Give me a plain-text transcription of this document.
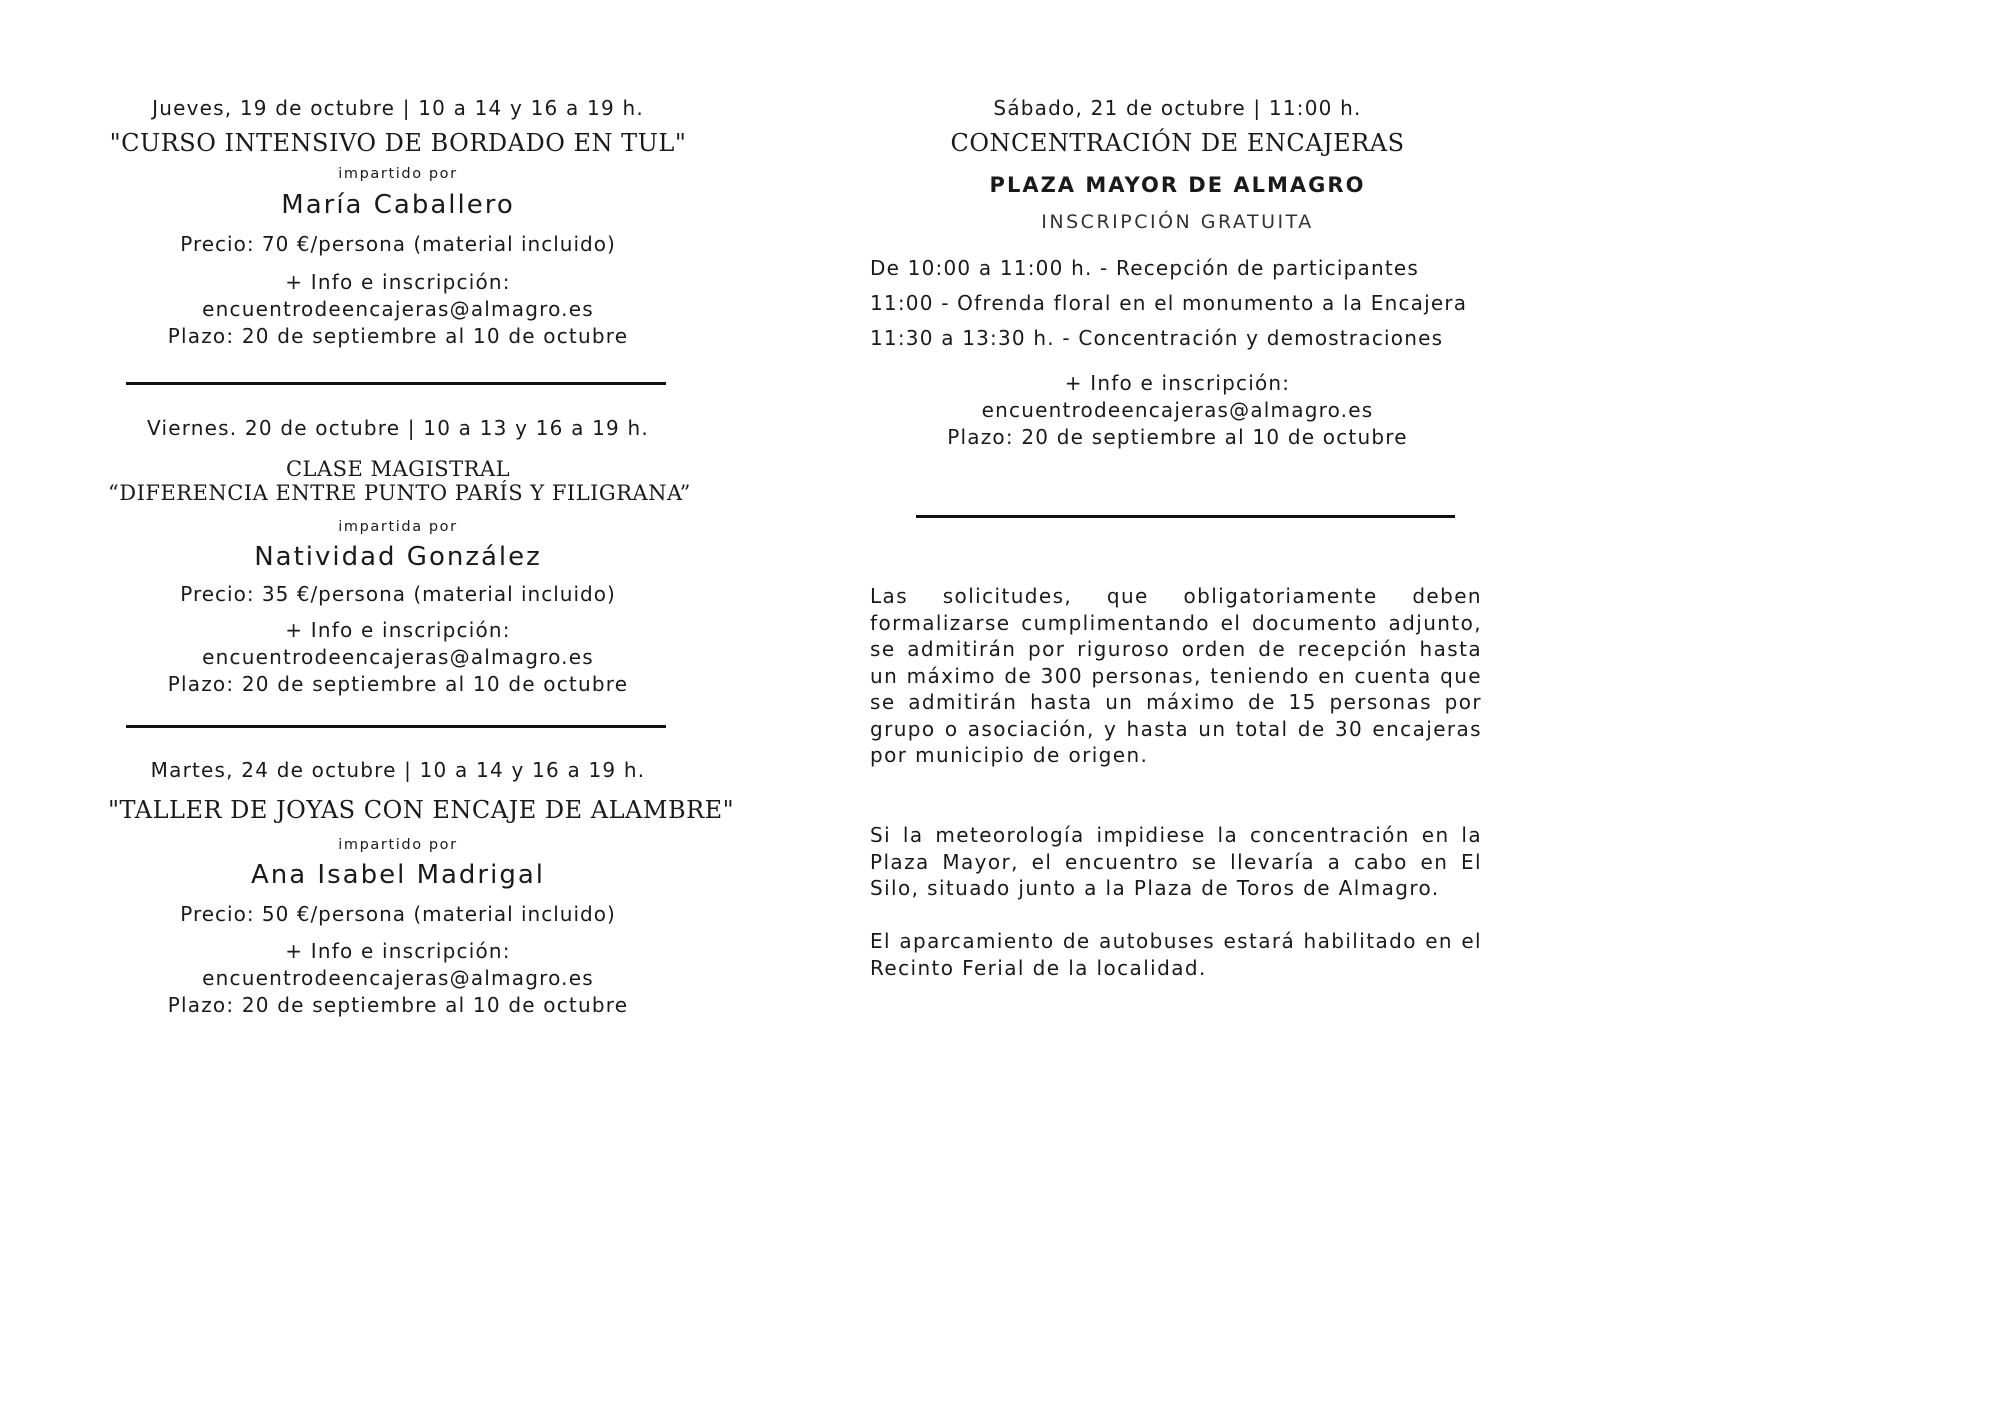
Jueves, 19 de octubre | 10 a 14 y 16 a 19 h.
"CURSO INTENSIVO DE BORDADO EN TUL"
impartido por
María Caballero
Precio: 70 €/persona (material incluido)
+ Info e inscripción:
encuentrodeencajeras@almagro.es
Plazo: 20 de septiembre al 10 de octubre
Viernes. 20 de octubre | 10 a 13 y 16 a 19 h.
CLASE MAGISTRAL
“DIFERENCIA ENTRE PUNTO PARÍS Y FILIGRANA”
impartida por
Natividad González
Precio: 35 €/persona (material incluido)
+ Info e inscripción:
encuentrodeencajeras@almagro.es
Plazo: 20 de septiembre al 10 de octubre
Martes, 24 de octubre | 10 a 14 y 16 a 19 h.
"TALLER DE JOYAS CON ENCAJE DE ALAMBRE"
impartido por
Ana Isabel Madrigal
Precio: 50 €/persona (material incluido)
+ Info e inscripción:
encuentrodeencajeras@almagro.es
Plazo: 20 de septiembre al 10 de octubre
Sábado, 21 de octubre | 11:00 h.
CONCENTRACIÓN DE ENCAJERAS
PLAZA MAYOR DE ALMAGRO
INSCRIPCIÓN GRATUITA
De 10:00 a 11:00 h. - Recepción de participantes
11:00 - Ofrenda floral en el monumento a la Encajera
11:30 a 13:30 h. - Concentración y demostraciones
+ Info e inscripción:
encuentrodeencajeras@almagro.es
Plazo: 20 de septiembre al 10 de octubre

Las solicitudes, que obligatoriamente deben formalizarse cumplimentando el documento adjunto, se admitirán por riguroso orden de recepción hasta un máximo de 300 personas, teniendo en cuenta que se admitirán hasta un máximo de 15 personas por grupo o asociación, y hasta un total de 30 encajeras por municipio de origen.

Si la meteorología impidiese la concentración en la Plaza Mayor, el encuentro se llevaría a cabo en El Silo, situado junto a la Plaza de Toros de Almagro.

El aparcamiento de autobuses estará habilitado en el Recinto Ferial de la localidad.
